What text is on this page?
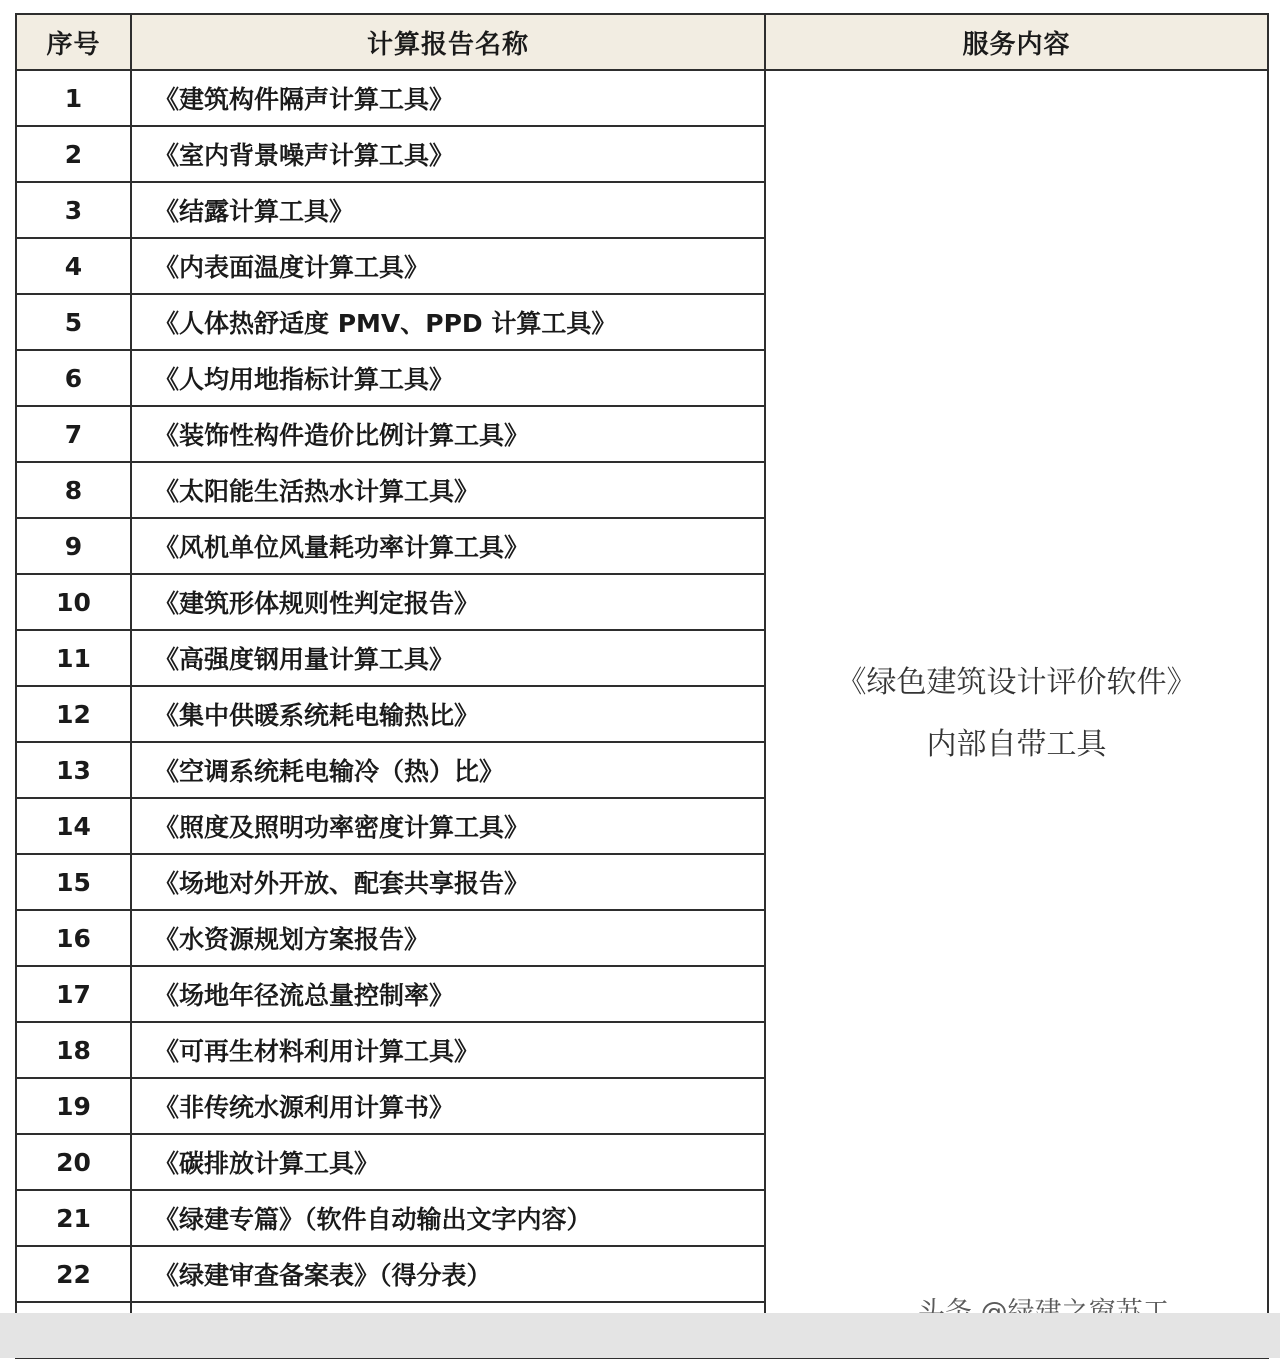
序号	计算报告名称	服务内容
1	《建筑构件隔声计算工具》	《绿色建筑设计评价软件》
内部自带工具

2	《室内背景噪声计算工具》	
3	《结露计算工具》	
4	《内表面温度计算工具》	
5	《人体热舒适度 PMV、PPD 计算工具》	
6	《人均用地指标计算工具》	
7	《装饰性构件造价比例计算工具》	
8	《太阳能生活热水计算工具》	
9	《风机单位风量耗功率计算工具》	
10	《建筑形体规则性判定报告》	
11	《高强度钢用量计算工具》	
12	《集中供暖系统耗电输热比》	
13	《空调系统耗电输冷（热）比》	
14	《照度及照明功率密度计算工具》	
15	《场地对外开放、配套共享报告》	
16	《水资源规划方案报告》	
17	《场地年径流总量控制率》	
18	《可再生材料利用计算工具》	
19	《非传统水源利用计算书》	
20	《碳排放计算工具》	
21	《绿建专篇》（软件自动输出文字内容）	
22	《绿建审查备案表》（得分表）	
